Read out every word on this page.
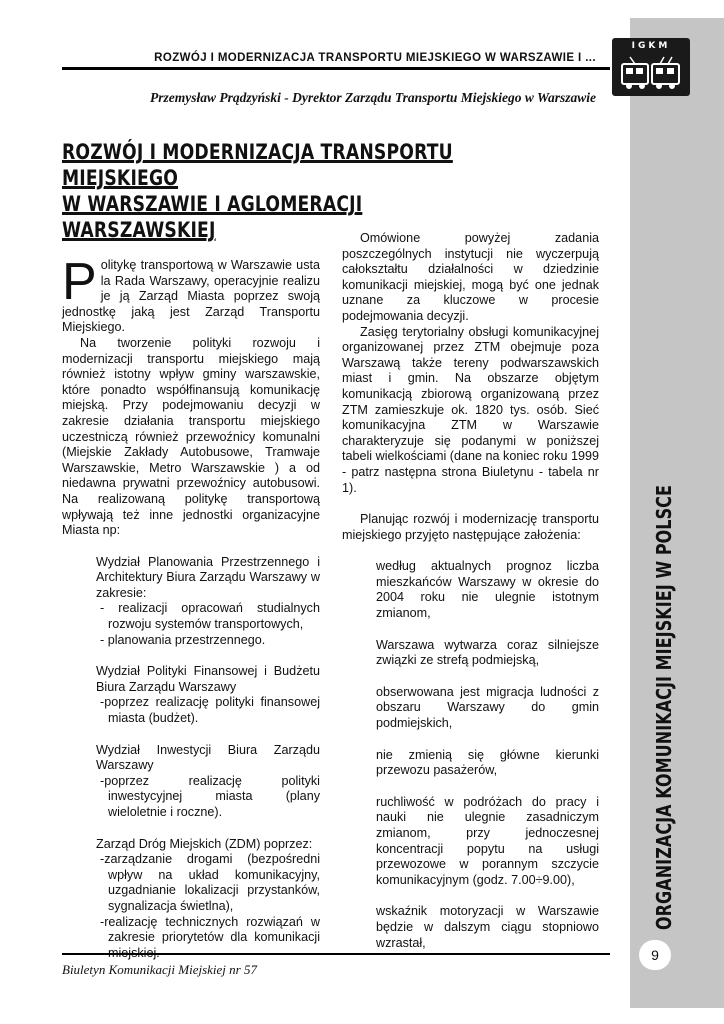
IGKM
ORGANIZACJA KOMUNIKACJI MIEJSKIEJ W POLSCE
9
ROZWÓJ I MODERNIZACJA TRANSPORTU MIEJSKIEGO W WARSZAWIE I ...
Przemysław Prądzyński - Dyrektor Zarządu Transportu Miejskiego w Warszawie
ROZWÓJ I MODERNIZACJA TRANSPORTU MIEJSKIEGO
W WARSZAWIE I AGLOMERACJI WARSZAWSKIEJ

Politykę transportową w Warszawie usta la Rada Warszawy, operacyjnie realizu je ją Zarząd Miasta poprzez swoją jednostkę jaką jest Zarząd Transportu Miejskiego.

Na tworzenie polityki rozwoju i modernizacji transportu miejskiego mają również istotny wpływ gminy warszawskie, które ponadto współfinansują komunikację miejską. Przy podejmowaniu decyzji w zakresie działania transportu miejskiego uczestniczą również przewoźnicy komunalni (Miejskie Zakłady Autobusowe, Tramwaje Warszawskie, Metro Warszawskie ) a od niedawna prywatni przewoźnicy autobusowi. Na realizowaną politykę transportową wpływają też inne jednostki organizacyjne Miasta np:

Wydział Planowania Przestrzennego i Architektury Biura Zarządu Warszawy w zakresie:

- realizacji opracowań studialnych rozwoju systemów transportowych,

- planowania przestrzennego.

Wydział Polityki Finansowej i Budżetu Biura Zarządu Warszawy

-poprzez realizację polityki finansowej miasta (budżet).

Wydział Inwestycji Biura Zarządu Warszawy

-poprzez realizację polityki inwestycyjnej miasta (plany wieloletnie i roczne).

Zarząd Dróg Miejskich (ZDM) poprzez:

-zarządzanie drogami (bezpośredni wpływ na układ komunikacyjny, uzgadnianie lokalizacji przystanków, sygnalizacja świetlna),

-realizację technicznych rozwiązań w zakresie priorytetów dla komunikacji

Omówione powyżej zadania poszczególnych instytucji nie wyczerpują całokształtu działalności w dziedzinie komunikacji miejskiej, mogą być one jednak uznane za kluczowe w procesie podejmowania decyzji.

Zasięg terytorialny obsługi komunikacyjnej organizowanej przez ZTM obejmuje poza Warszawą także tereny podwarszawskich miast i gmin. Na obszarze objętym komunikacją zbiorową organizowaną przez ZTM zamieszkuje ok. 1820 tys. osób. Sieć komunikacyjna ZTM w Warszawie charakteryzuje się podanymi w poniższej tabeli wielkościami (dane na koniec roku 1999 - patrz następna strona Biuletynu - tabela nr 1).

Planując rozwój i modernizację transportu miejskiego przyjęto następujące założenia:

według aktualnych prognoz liczba mieszkańców Warszawy w okresie do 2004 roku nie ulegnie istotnym zmianom,

Warszawa wytwarza coraz silniejsze związki ze strefą podmiejską,

obserwowana jest migracja ludności z obszaru Warszawy do gmin podmiejskich,

nie zmienią się główne kierunki przewozu pasażerów,

ruchliwość w podróżach do pracy i nauki nie ulegnie zasadniczym zmianom, przy jednoczesnej koncentracji popytu na usługi przewozowe w porannym szczycie komunikacyjnym (godz. 7.00÷9.00),

wskaźnik motoryzacji w Warszawie będzie w dalszym ciągu stopniowo wzrastał,

Biuletyn Komunikacji Miejskiej nr 57
